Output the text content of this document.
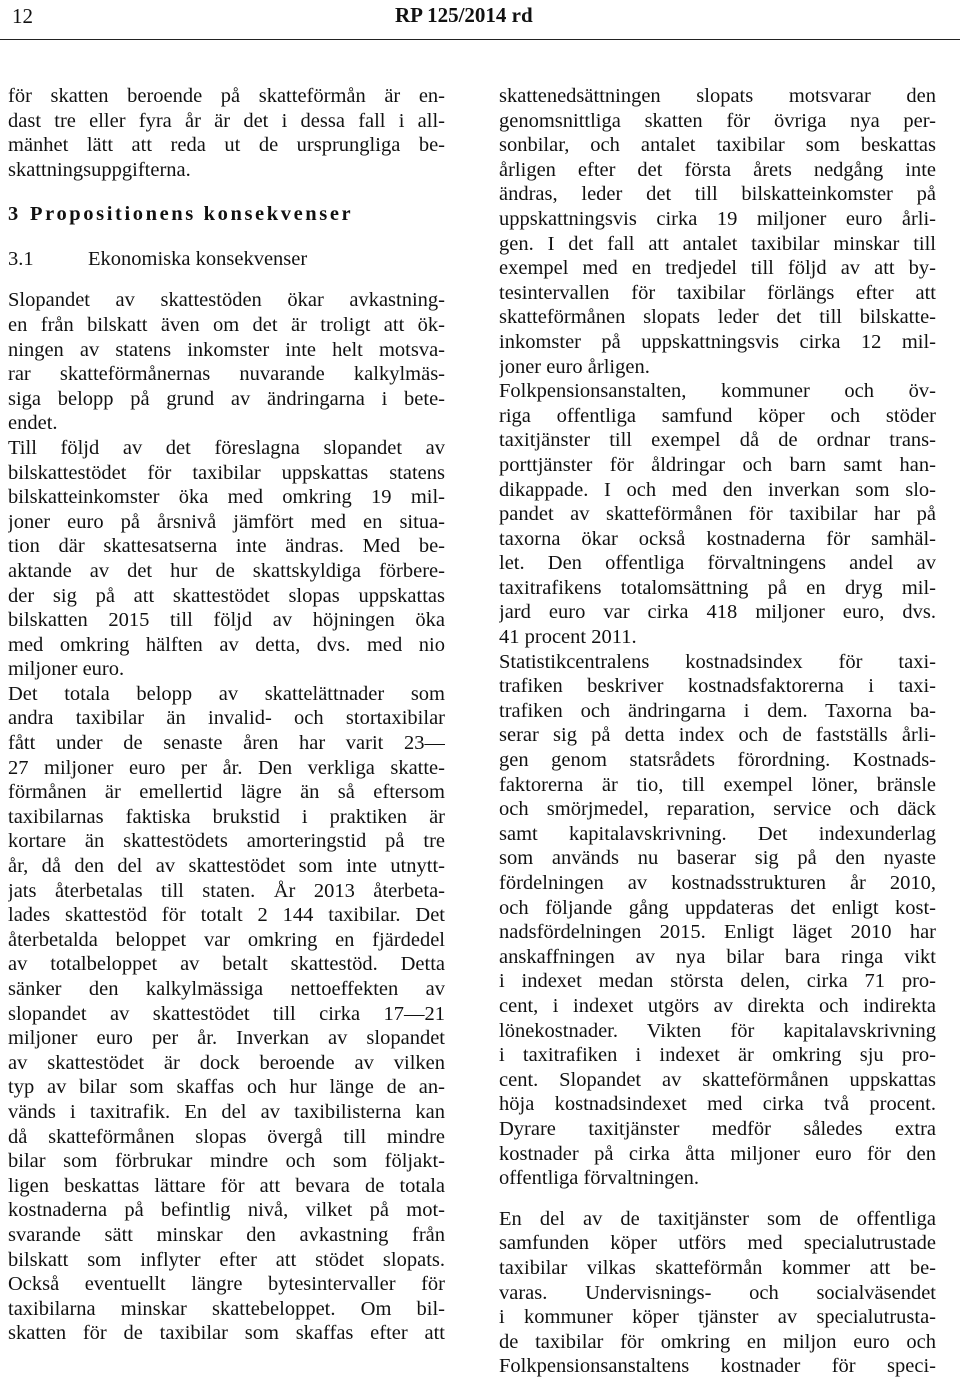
12	RP 125/2014 rd
för skatten beroende på skatteförmån är en-
dast tre eller fyra år är det i dessa fall i all-
mänhet lätt att reda ut de ursprungliga be-
skattningsuppgifterna.
3 Propositionens konsekvenser
3.1	Ekonomiska konsekvenser
Slopandet av skattestöden ökar avkastning-
en från bilskatt även om det är troligt att ök-
ningen av statens inkomster inte helt motsva-
rar skatteförmånernas nuvarande kalkylmäs-
siga belopp på grund av ändringarna i bete-
endet.
Till följd av det föreslagna slopandet av
bilskattestödet för taxibilar uppskattas statens
bilskatteinkomster öka med omkring 19 mil-
joner euro på årsnivå jämfört med en situa-
tion där skattesatserna inte ändras. Med be-
aktande av det hur de skattskyldiga förbere-
der sig på att skattestödet slopas uppskattas
bilskatten 2015 till följd av höjningen öka
med omkring hälften av detta, dvs. med nio
miljoner euro.
Det totala belopp av skattelättnader som
andra taxibilar än invalid- och stortaxibilar
fått under de senaste åren har varit 23—
27 miljoner euro per år. Den verkliga skatte-
förmånen är emellertid lägre än så eftersom
taxibilarnas faktiska brukstid i praktiken är
kortare än skattestödets amorteringstid på tre
år, då den del av skattestödet som inte utnytt-
jats återbetalas till staten. År 2013 återbeta-
lades skattestöd för totalt 2 144 taxibilar. Det
återbetalda beloppet var omkring en fjärdedel
av totalbeloppet av betalt skattestöd. Detta
sänker den kalkylmässiga nettoeffekten av
slopandet av skattestödet till cirka 17—21
miljoner euro per år. Inverkan av slopandet
av skattestödet är dock beroende av vilken
typ av bilar som skaffas och hur länge de an-
vänds i taxitrafik. En del av taxibilisterna kan
då skatteförmånen slopas övergå till mindre
bilar som förbrukar mindre och som följakt-
ligen beskattas lättare för att bevara de totala
kostnaderna på befintlig nivå, vilket på mot-
svarande sätt minskar den avkastning från
bilskatt som inflyter efter att stödet slopats.
Också eventuellt längre bytesintervaller för
taxibilarna minskar skattebeloppet. Om bil-
skatten för de taxibilar som skaffas efter att
skattenedsättningen slopats motsvarar den
genomsnittliga skatten för övriga nya per-
sonbilar, och antalet taxibilar som beskattas
årligen efter det första årets nedgång inte
ändras, leder det till bilskatteinkomster på
uppskattningsvis cirka 19 miljoner euro årli-
gen. I det fall att antalet taxibilar minskar till
exempel med en tredjedel till följd av att by-
tesintervallen för taxibilar förlängs efter att
skatteförmånen slopats leder det till bilskatte-
inkomster på uppskattningsvis cirka 12 mil-
joner euro årligen.
Folkpensionsanstalten, kommuner och öv-
riga offentliga samfund köper och stöder
taxitjänster till exempel då de ordnar trans-
porttjänster för åldringar och barn samt han-
dikappade. I och med den inverkan som slo-
pandet av skatteförmånen för taxibilar har på
taxorna ökar också kostnaderna för samhäl-
let. Den offentliga förvaltningens andel av
taxitrafikens totalomsättning på en dryg mil-
jard euro var cirka 418 miljoner euro, dvs.
41 procent 2011.
Statistikcentralens kostnadsindex för taxi-
trafiken beskriver kostnadsfaktorerna i taxi-
trafiken och ändringarna i dem. Taxorna ba-
serar sig på detta index och de fastställs årli-
gen genom statsrådets förordning. Kostnads-
faktorerna är tio, till exempel löner, bränsle
och smörjmedel, reparation, service och däck
samt kapitalavskrivning. Det indexunderlag
som används nu baserar sig på den nyaste
fördelningen av kostnadsstrukturen år 2010,
och följande gång uppdateras det enligt kost-
nadsfördelningen 2015. Enligt läget 2010 har
anskaffningen av nya bilar bara ringa vikt
i indexet medan största delen, cirka 71 pro-
cent, i indexet utgörs av direkta och indirekta
lönekostnader. Vikten för kapitalavskrivning
i taxitrafiken i indexet är omkring sju pro-
cent. Slopandet av skatteförmånen uppskattas
höja kostnadsindexet med cirka två procent.
Dyrare taxitjänster medför således extra
kostnader på cirka åtta miljoner euro för den
offentliga förvaltningen.
En del av de taxitjänster som de offentliga
samfunden köper utförs med specialutrustade
taxibilar vilkas skatteförmån kommer att be-
varas. Undervisnings- och socialväsendet
i kommuner köper tjänster av specialutrusta-
de taxibilar för omkring en miljon euro och
Folkpensionsanstaltens kostnader för speci-
